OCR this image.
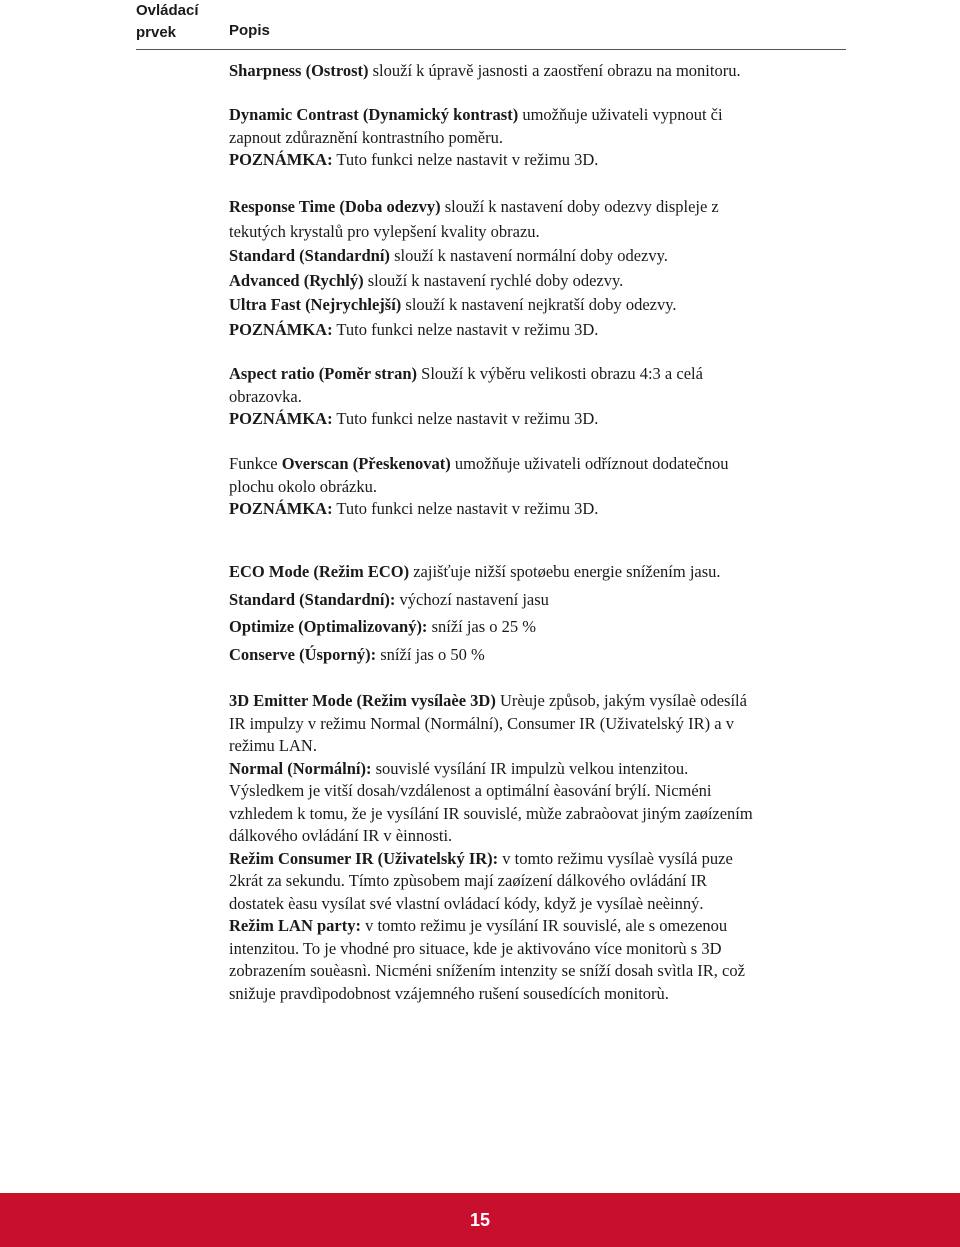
Ovládací
prvek	Popis
Sharpness (Ostrost) slouží k úpravě jasnosti a zaostření obrazu na monitoru.
Dynamic Contrast (Dynamický kontrast) umožňuje uživateli vypnout či
zapnout zdůraznění kontrastního poměru.
POZNÁMKA: Tuto funkci nelze nastavit v režimu 3D.
Response Time (Doba odezvy) slouží k nastavení doby odezvy displeje z
tekutých krystalů pro vylepšení kvality obrazu.
Standard (Standardní) slouží k nastavení normální doby odezvy.
Advanced (Rychlý) slouží k nastavení rychlé doby odezvy.
Ultra Fast (Nejrychlejší) slouží k nastavení nejkratší doby odezvy.
POZNÁMKA: Tuto funkci nelze nastavit v režimu 3D.
Aspect ratio (Poměr stran) Slouží k výběru velikosti obrazu 4:3 a celá
obrazovka.
POZNÁMKA: Tuto funkci nelze nastavit v režimu 3D.
Funkce Overscan (Přeskenovat) umožňuje uživateli odříznout dodatečnou
plochu okolo obrázku.
POZNÁMKA: Tuto funkci nelze nastavit v režimu 3D.
ECO Mode (Režim ECO) zajišťuje nižší spotøebu energie snížením jasu.
Standard (Standardní): výchozí nastavení jasu
Optimize (Optimalizovaný): sníží jas o 25 %
Conserve (Úsporný): sníží jas o 50 %
3D Emitter Mode (Režim vysílaèe 3D) Urèuje způsob, jakým vysílaè odesílá
IR impulzy v režimu Normal (Normální), Consumer IR (Uživatelský IR) a v
režimu LAN.
Normal (Normální): souvislé vysílání IR impulzù velkou intenzitou.
Výsledkem je vitší dosah/vzdálenost a optimální èasování brýlí. Nicméni
vzhledem k tomu, že je vysílání IR souvislé, mùže zabraòovat jiným zaøízením
dálkového ovládání IR v èinnosti.
Režim Consumer IR (Uživatelský IR): v tomto režimu vysílaè vysílá puze
2krát za sekundu. Tímto zpùsobem mají zaøízení dálkového ovládání IR
dostatek èasu vysílat své vlastní ovládací kódy, když je vysílaè neèinný.
Režim LAN party: v tomto režimu je vysílání IR souvislé, ale s omezenou
intenzitou. To je vhodné pro situace, kde je aktivováno více monitorù s 3D
zobrazením souèasnì. Nicméni snížením intenzity se sníží dosah svìtla IR, což
snižuje pravdìpodobnost vzájemného rušení sousedících monitorù.
15
